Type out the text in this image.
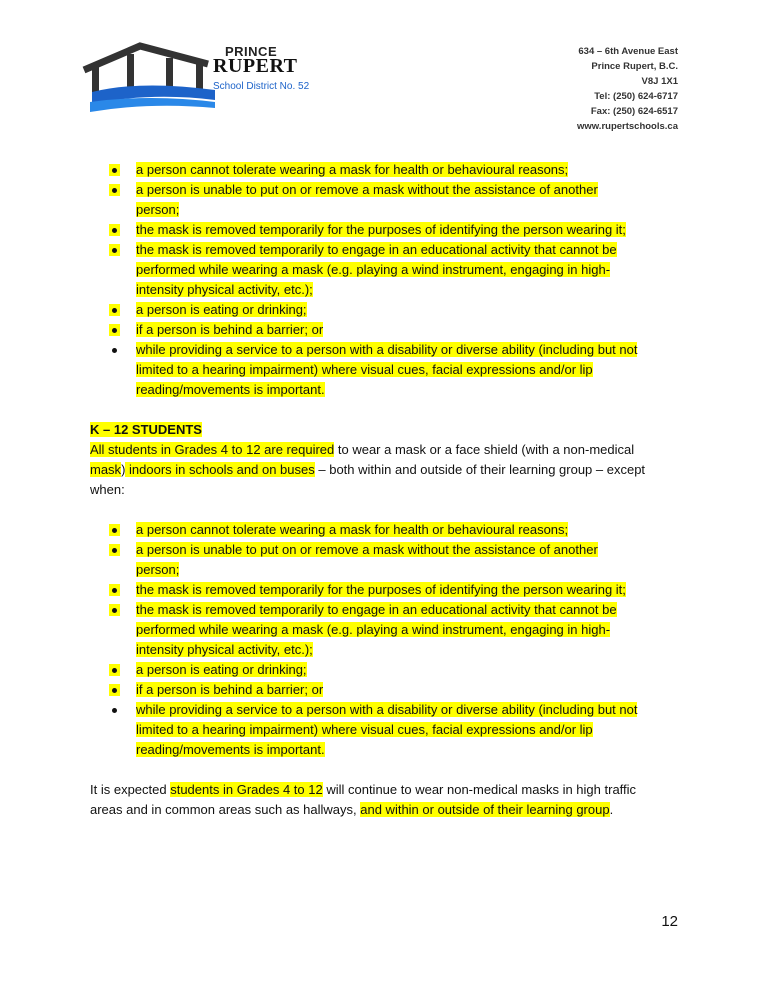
PRINCE
RUPERT
School District No. 52
634 – 6th Avenue East
Prince Rupert, B.C.
V8J 1X1
Tel: (250) 624-6717
Fax: (250) 624-6517
www.rupertschools.ca
a person cannot tolerate wearing a mask for health or behavioural reasons;
a person is unable to put on or remove a mask without the assistance of another
person;
the mask is removed temporarily for the purposes of identifying the person wearing it;
the mask is removed temporarily to engage in an educational activity that cannot be
performed while wearing a mask (e.g. playing a wind instrument, engaging in high-
intensity physical activity, etc.);
a person is eating or drinking;
if a person is behind a barrier; or
while providing a service to a person with a disability or diverse ability (including but not
limited to a hearing impairment) where visual cues, facial expressions and/or lip
reading/movements is important.
K – 12 STUDENTS

All students in Grades 4 to 12 are required to wear a mask or a face shield (with a non-medical
mask) indoors in schools and on buses – both within and outside of their learning group – except
when:

a person cannot tolerate wearing a mask for health or behavioural reasons;
a person is unable to put on or remove a mask without the assistance of another
person;
the mask is removed temporarily for the purposes of identifying the person wearing it;
the mask is removed temporarily to engage in an educational activity that cannot be
performed while wearing a mask (e.g. playing a wind instrument, engaging in high-
intensity physical activity, etc.);
a person is eating or drinking;
if a person is behind a barrier; or
while providing a service to a person with a disability or diverse ability (including but not
limited to a hearing impairment) where visual cues, facial expressions and/or lip
reading/movements is important.

It is expected students in Grades 4 to 12 will continue to wear non-medical masks in high traffic
areas and in common areas such as hallways, and within or outside of their learning group.

12
